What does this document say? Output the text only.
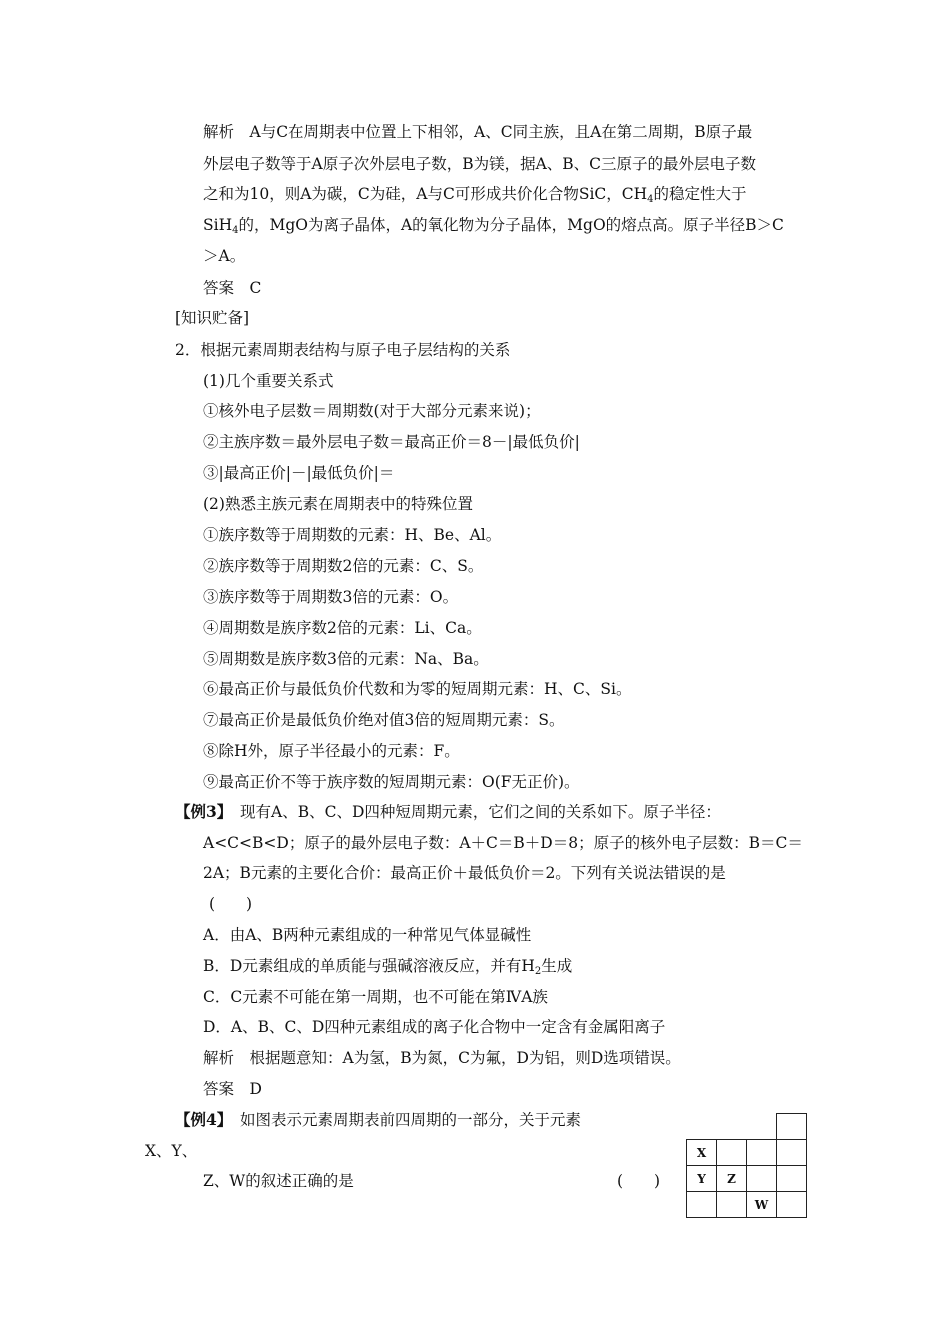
解析　A与C在周期表中位置上下相邻，A、C同主族，且A在第二周期，B原子最
外层电子数等于A原子次外层电子数，B为镁，据A、B、C三原子的最外层电子数
之和为10，则A为碳，C为硅，A与C可形成共价化合物SiC，$CH_4$的稳定性大于
SiH$_4$的，MgO为离子晶体，A的氧化物为分子晶体，MgO的熔点高。原子半径B＞C
＞A。
答案　C
[知识贮备]
2．根据元素周期表结构与原子电子层结构的关系
(1)几个重要关系式
①核外电子层数＝周期数(对于大部分元素来说)；
②主族序数＝最外层电子数＝最高正价＝8－|最低负价|
③|最高正价|－|最低负价|＝
(2)熟悉主族元素在周期表中的特殊位置
①族序数等于周期数的元素：H、Be、Al。
②族序数等于周期数2倍的元素：C、S。
③族序数等于周期数3倍的元素：O。
④周期数是族序数2倍的元素：Li、Ca。
⑤周期数是族序数3倍的元素：Na、Ba。
⑥最高正价与最低负价代数和为零的短周期元素：H、C、Si。
⑦最高正价是最低负价绝对值3倍的短周期元素：S。
⑧除H外，原子半径最小的元素：F。
⑨最高正价不等于族序数的短周期元素：O(F无正价)。
【例3】　现有A、B、C、D四种短周期元素，它们之间的关系如下。原子半径：
A<C<B<D；原子的最外层电子数：A＋C＝B＋D＝8；原子的核外电子层数：B＝C＝
2A；B元素的主要化合价：最高正价＋最低负价＝2。下列有关说法错误的是
(　　)
A．由A、B两种元素组成的一种常见气体显碱性
B．D元素组成的单质能与强碱溶液反应，并有$H_2$生成
C．C元素不可能在第一周期，也不可能在第ⅣA族
D．A、B、C、D四种元素组成的离子化合物中一定含有金属阳离子
解析　根据题意知：A为氢，B为氮，C为氟，D为铝，则D选项错误。
答案　D
【例4】　如图表示元素周期表前四周期的一部分，关于元素
X、Y、
Z、W的叙述正确的是	(　　)
X
Y	Z
W
